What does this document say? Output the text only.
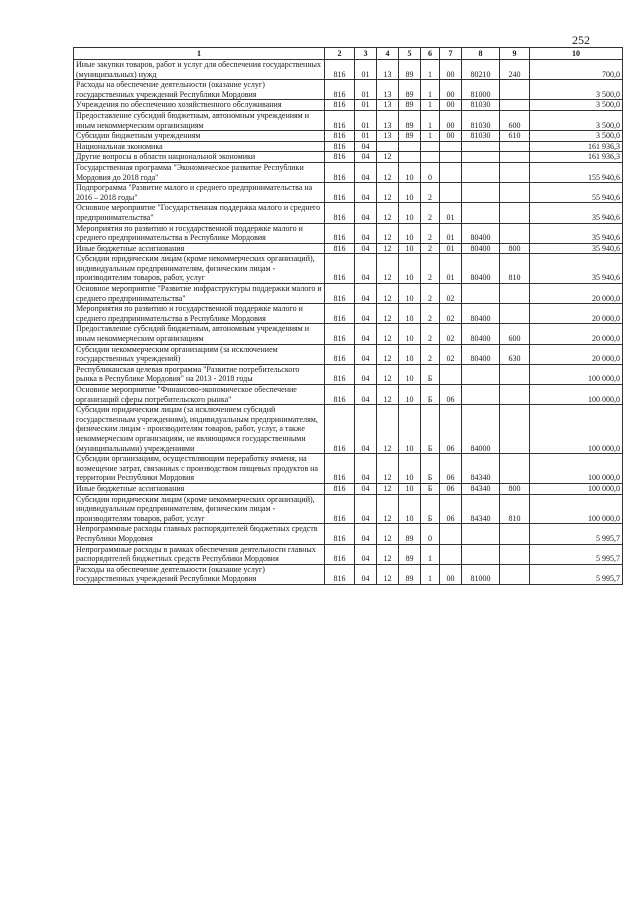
252
1	2	3	4	5	6	7	8	9	10
Иные закупки товаров, работ и услуг для обеспечения государственных (муниципальных) нужд	816	01	13	89	1	00	80210	240	700,0
Расходы на обеспечение деятельности (оказание услуг) государственных учреждений Республики Мордовия	816	01	13	89	1	00	81000		3 500,0
Учреждения по обеспечению хозяйственного обслуживания	816	01	13	89	1	00	81030		3 500,0
Предоставление субсидий бюджетным, автономным учреждениям и иным некоммерческим организациям	816	01	13	89	1	00	81030	600	3 500,0
Субсидии бюджетным учреждениям	816	01	13	89	1	00	81030	610	3 500,0
Национальная экономика	816	04							161 936,3
Другие вопросы в области национальной экономики	816	04	12						161 936,3
Государственная программа "Экономическое развитие Республики Мордовия до 2018 года"	816	04	12	10	0				155 940,6
Подпрограмма "Развитие малого и среднего предпринимательства на 2016 – 2018 годы"	816	04	12	10	2				55 940,6
Основное мероприятие "Государственная поддержка малого и среднего предпринимательства"	816	04	12	10	2	01			35 940,6
Мероприятия по развитию и государственной поддержке малого и среднего предпринимательства в Республике Мордовия	816	04	12	10	2	01	80400		35 940,6
Иные бюджетные ассигнования	816	04	12	10	2	01	80400	800	35 940,6
Субсидии юридическим лицам (кроме некоммерческих организаций), индивидуальным предпринимателям, физическим лицам - производителям товаров, работ, услуг	816	04	12	10	2	01	80400	810	35 940,6
Основное мероприятие "Развитие инфраструктуры поддержки малого и среднего предпринимательства"	816	04	12	10	2	02			20 000,0
Мероприятия по развитию и государственной поддержке малого и среднего предпринимательства в Республике Мордовия	816	04	12	10	2	02	80400		20 000,0
Предоставление субсидий бюджетным, автономным учреждениям и иным некоммерческим организациям	816	04	12	10	2	02	80400	600	20 000,0
Субсидии некоммерческим организациям (за исключением государственных учреждений)	816	04	12	10	2	02	80400	630	20 000,0
Республиканская целевая программа "Развитие потребительского рынка в Республике Мордовия" на 2013 - 2018 годы	816	04	12	10	Б				100 000,0
Основное мероприятие "Финансово-экономическое обеспечение организаций сферы потребительского рынка"	816	04	12	10	Б	06			100 000,0
Субсидии юридическим лицам (за исключением субсидий государственным учреждениям), индивидуальным предпринимателям, физическим лицам - производителям товаров, работ, услуг, а также некоммерческим организациям, не являющимся государственными (муниципальными) учреждениями	816	04	12	10	Б	06	84000		100 000,0
Субсидии организациям, осуществляющим переработку ячменя, на возмещение затрат, связанных с производством пищевых продуктов на территории Республики Мордовия	816	04	12	10	Б	06	84340		100 000,0
Иные бюджетные ассигнования	816	04	12	10	Б	06	84340	800	100 000,0
Субсидии юридическим лицам (кроме некоммерческих организаций), индивидуальным предпринимателям, физическим лицам - производителям товаров, работ, услуг	816	04	12	10	Б	06	84340	810	100 000,0
Непрограммные расходы главных распорядителей бюджетных средств Республики Мордовия	816	04	12	89	0				5 995,7
Непрограммные расходы в рамках обеспечения деятельности главных распорядителей бюджетных средств Республики Мордовия	816	04	12	89	1				5 995,7
Расходы на обеспечение деятельности (оказание услуг) государственных учреждений Республики Мордовия	816	04	12	89	1	00	81000		5 995,7
